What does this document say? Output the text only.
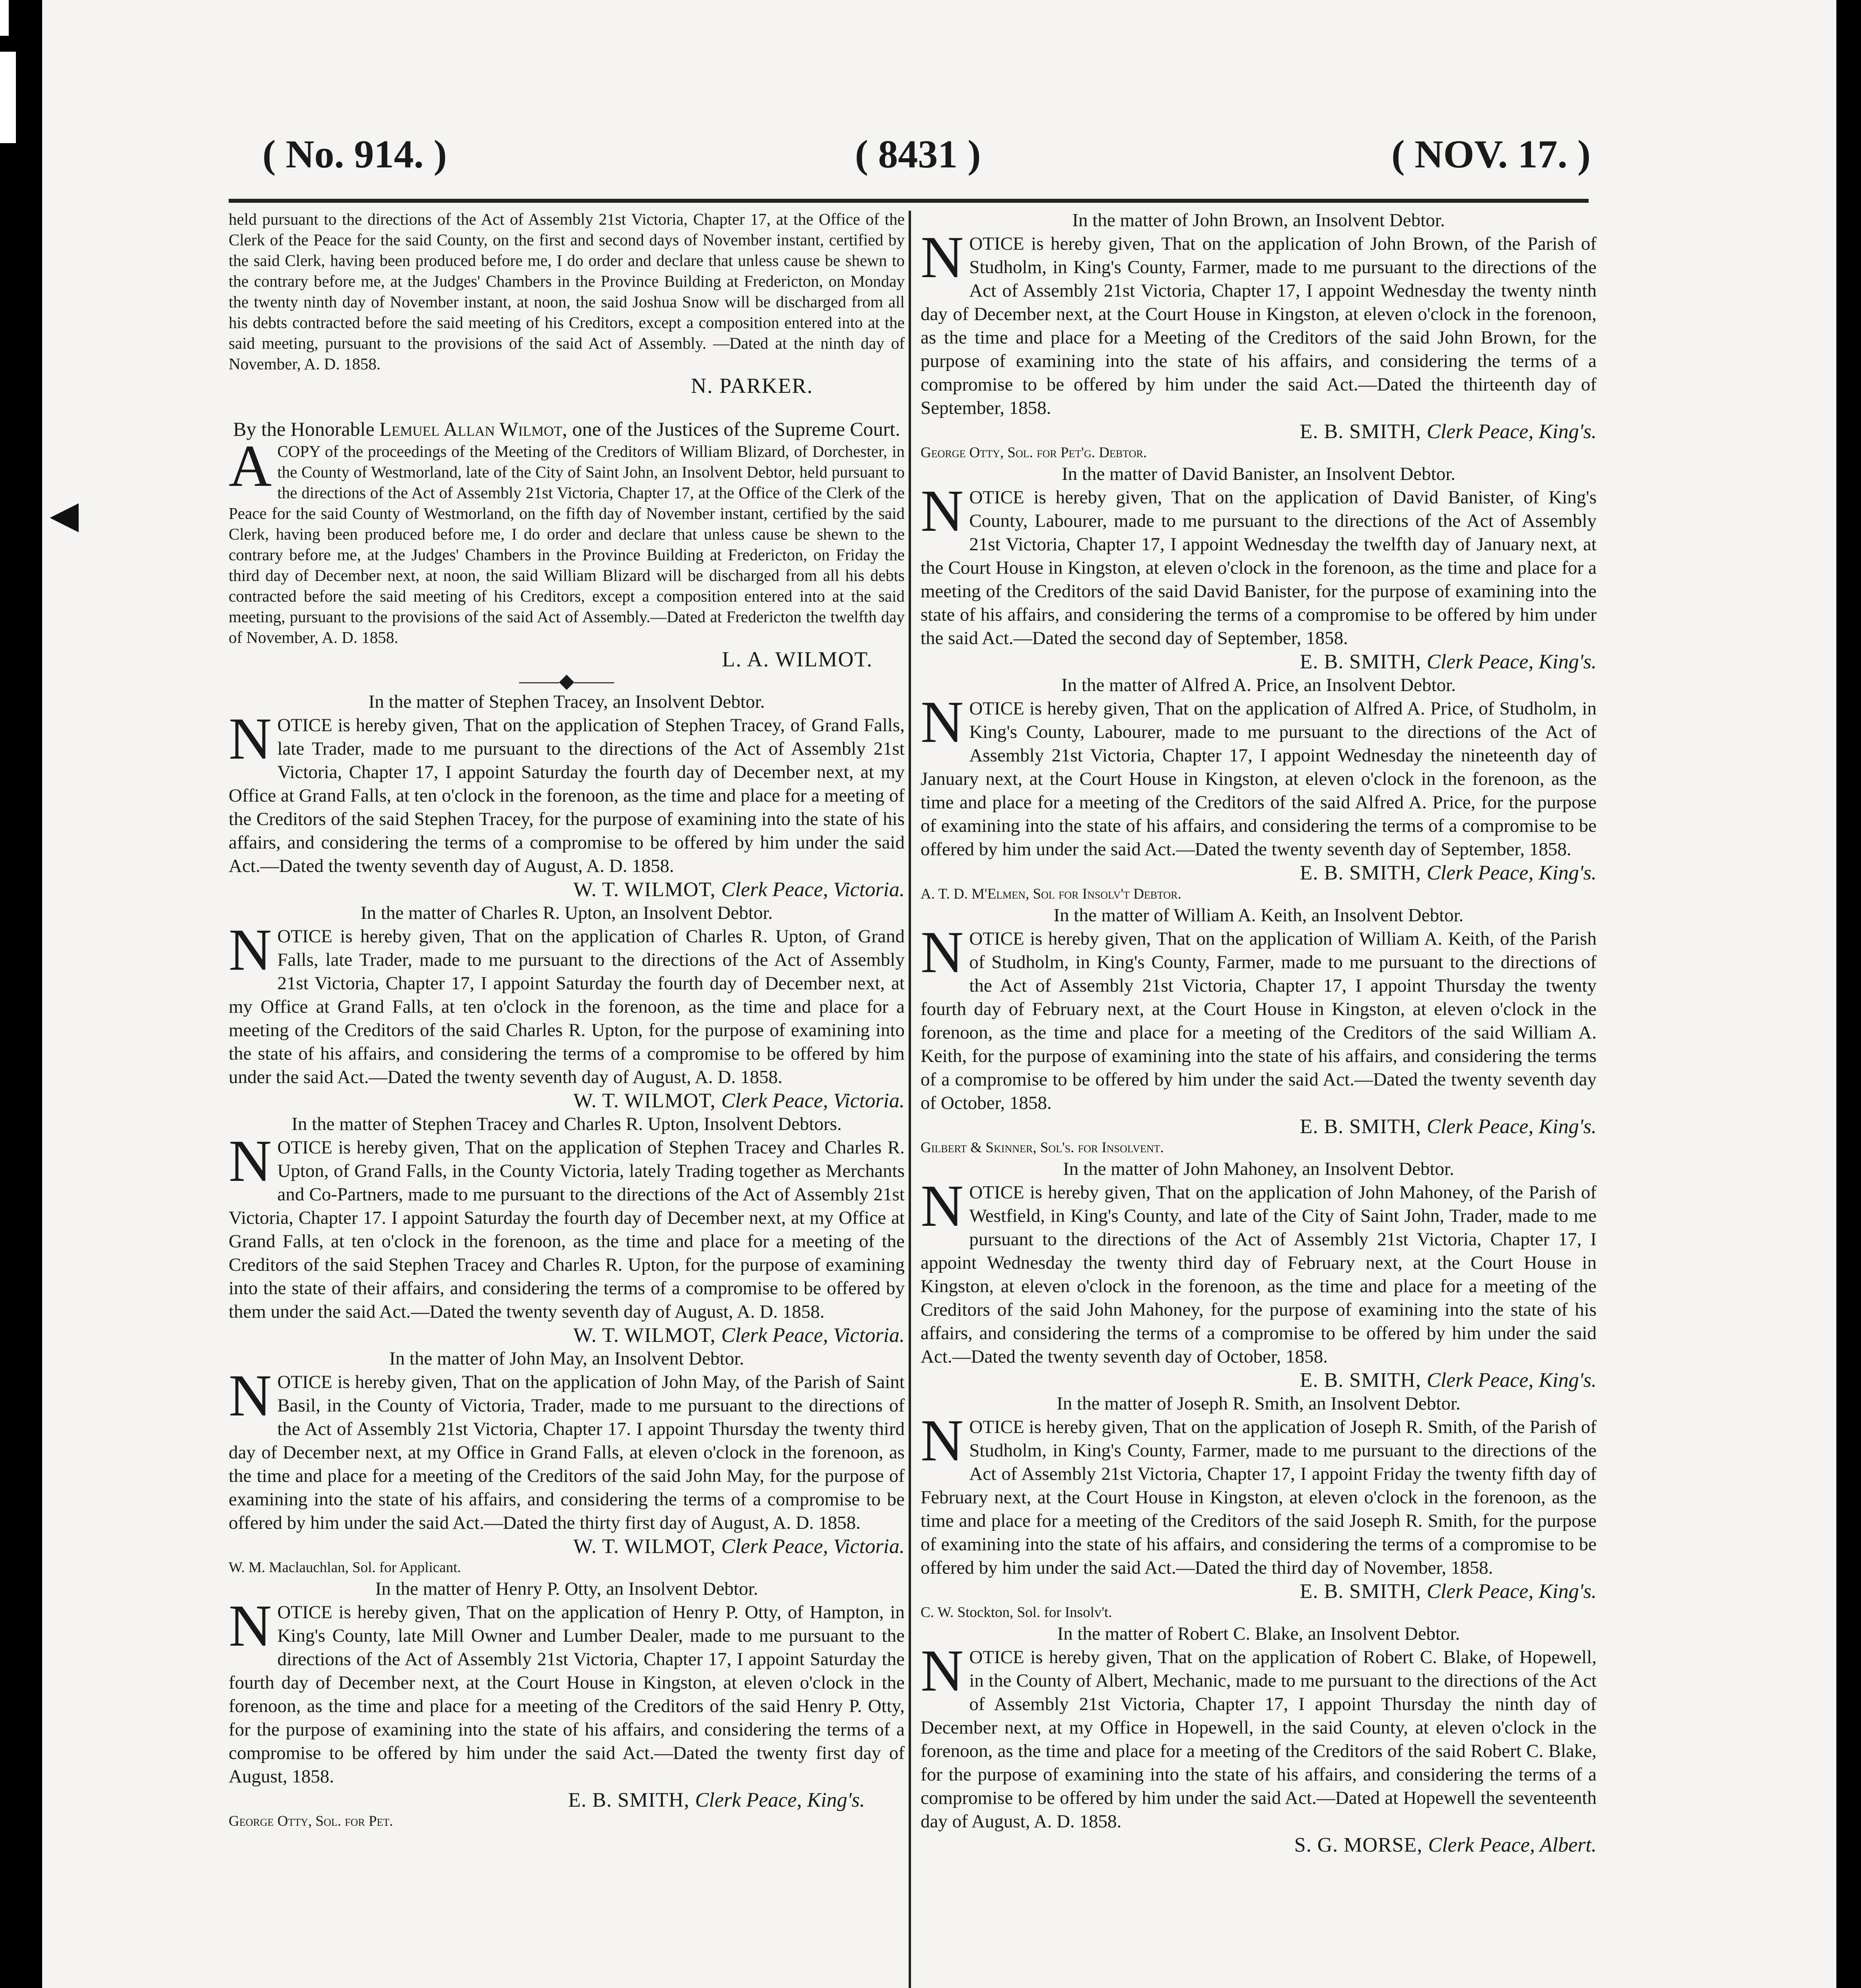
◀
( No. 914. )	( 8431 )	( NOV. 17. )

held pursuant to the directions of the Act of Assembly 21st Victoria, Chapter 17, at the Office of the Clerk of the Peace for the said County, on the first and second days of November instant, certified by the said Clerk, having been produced before me, I do order and declare that unless cause be shewn to the contrary before me, at the Judges' Chambers in the Province Building at Fredericton, on Monday the twenty ninth day of November instant, at noon, the said Joshua Snow will be discharged from all his debts contracted before the said meeting of his Creditors, except a composition entered into at the said meeting, pursuant to the provisions of the said Act of Assembly. —Dated at the ninth day of November, A. D. 1858.

N. PARKER.

By the Honorable Lemuel Allan Wilmot, one of the Justices of the Supreme Court.

A COPY of the proceedings of the Meeting of the Creditors of William Blizard, of Dorchester, in the County of Westmorland, late of the City of Saint John, an Insolvent Debtor, held pursuant to the directions of the Act of Assembly 21st Victoria, Chapter 17, at the Office of the Clerk of the Peace for the said County of Westmorland, on the fifth day of November instant, certified by the said Clerk, having been produced before me, I do order and declare that unless cause be shewn to the contrary before me, at the Judges' Chambers in the Province Building at Fredericton, on Friday the third day of December next, at noon, the said William Blizard will be discharged from all his debts contracted before the said meeting of his Creditors, except a composition entered into at the said meeting, pursuant to the provisions of the said Act of Assembly.—Dated at Fredericton the twelfth day of November, A. D. 1858.

L. A. WILMOT.

——◆——

In the matter of Stephen Tracey, an Insolvent Debtor.

NOTICE is hereby given, That on the application of Stephen Tracey, of Grand Falls, late Trader, made to me pursuant to the directions of the Act of Assembly 21st Victoria, Chapter 17, I appoint Saturday the fourth day of December next, at my Office at Grand Falls, at ten o'clock in the forenoon, as the time and place for a meeting of the Creditors of the said Stephen Tracey, for the purpose of examining into the state of his affairs, and considering the terms of a compromise to be offered by him under the said Act.—Dated the twenty seventh day of August, A. D. 1858.

W. T. WILMOT, Clerk Peace, Victoria.

In the matter of Charles R. Upton, an Insolvent Debtor.

NOTICE is hereby given, That on the application of Charles R. Upton, of Grand Falls, late Trader, made to me pursuant to the directions of the Act of Assembly 21st Victoria, Chapter 17, I appoint Saturday the fourth day of December next, at my Office at Grand Falls, at ten o'clock in the forenoon, as the time and place for a meeting of the Creditors of the said Charles R. Upton, for the purpose of examining into the state of his affairs, and considering the terms of a compromise to be offered by him under the said Act.—Dated the twenty seventh day of August, A. D. 1858.

W. T. WILMOT, Clerk Peace, Victoria.

In the matter of Stephen Tracey and Charles R. Upton, Insolvent Debtors.

NOTICE is hereby given, That on the application of Stephen Tracey and Charles R. Upton, of Grand Falls, in the County Victoria, lately Trading together as Merchants and Co-Partners, made to me pursuant to the directions of the Act of Assembly 21st Victoria, Chapter 17. I appoint Saturday the fourth day of December next, at my Office at Grand Falls, at ten o'clock in the forenoon, as the time and place for a meeting of the Creditors of the said Stephen Tracey and Charles R. Upton, for the purpose of examining into the state of their affairs, and considering the terms of a compromise to be offered by them under the said Act.—Dated the twenty seventh day of August, A. D. 1858.

W. T. WILMOT, Clerk Peace, Victoria.

In the matter of John May, an Insolvent Debtor.

NOTICE is hereby given, That on the application of John May, of the Parish of Saint Basil, in the County of Victoria, Trader, made to me pursuant to the directions of the Act of Assembly 21st Victoria, Chapter 17. I appoint Thursday the twenty third day of December next, at my Office in Grand Falls, at eleven o'clock in the forenoon, as the time and place for a meeting of the Creditors of the said John May, for the purpose of examining into the state of his affairs, and considering the terms of a compromise to be offered by him under the said Act.—Dated the thirty first day of August, A. D. 1858.

W. T. WILMOT, Clerk Peace, Victoria.

W. M. Maclauchlan, Sol. for Applicant.

In the matter of Henry P. Otty, an Insolvent Debtor.

NOTICE is hereby given, That on the application of Henry P. Otty, of Hampton, in King's County, late Mill Owner and Lumber Dealer, made to me pursuant to the directions of the Act of Assembly 21st Victoria, Chapter 17, I appoint Saturday the fourth day of December next, at the Court House in Kingston, at eleven o'clock in the forenoon, as the time and place for a meeting of the Creditors of the said Henry P. Otty, for the purpose of examining into the state of his affairs, and considering the terms of a compromise to be offered by him under the said Act.—Dated the twenty first day of August, 1858.

E. B. SMITH, Clerk Peace, King's.

George Otty, Sol. for Pet.

In the matter of John Brown, an Insolvent Debtor.

NOTICE is hereby given, That on the application of John Brown, of the Parish of Studholm, in King's County, Farmer, made to me pursuant to the directions of the Act of Assembly 21st Victoria, Chapter 17, I appoint Wednesday the twenty ninth day of December next, at the Court House in Kingston, at eleven o'clock in the forenoon, as the time and place for a Meeting of the Creditors of the said John Brown, for the purpose of examining into the state of his affairs, and considering the terms of a compromise to be offered by him under the said Act.—Dated the thirteenth day of September, 1858.

E. B. SMITH, Clerk Peace, King's.

George Otty, Sol. for Pet'g. Debtor.

In the matter of David Banister, an Insolvent Debtor.

NOTICE is hereby given, That on the application of David Banister, of King's County, Labourer, made to me pursuant to the directions of the Act of Assembly 21st Victoria, Chapter 17, I appoint Wednesday the twelfth day of January next, at the Court House in Kingston, at eleven o'clock in the forenoon, as the time and place for a meeting of the Creditors of the said David Banister, for the purpose of examining into the state of his affairs, and considering the terms of a compromise to be offered by him under the said Act.—Dated the second day of September, 1858.

E. B. SMITH, Clerk Peace, King's.

In the matter of Alfred A. Price, an Insolvent Debtor.

NOTICE is hereby given, That on the application of Alfred A. Price, of Studholm, in King's County, Labourer, made to me pursuant to the directions of the Act of Assembly 21st Victoria, Chapter 17, I appoint Wednesday the nineteenth day of January next, at the Court House in Kingston, at eleven o'clock in the forenoon, as the time and place for a meeting of the Creditors of the said Alfred A. Price, for the purpose of examining into the state of his affairs, and considering the terms of a compromise to be offered by him under the said Act.—Dated the twenty seventh day of September, 1858.

E. B. SMITH, Clerk Peace, King's.

A. T. D. M'Elmen, Sol for Insolv't Debtor.

In the matter of William A. Keith, an Insolvent Debtor.

NOTICE is hereby given, That on the application of William A. Keith, of the Parish of Studholm, in King's County, Farmer, made to me pursuant to the directions of the Act of Assembly 21st Victoria, Chapter 17, I appoint Thursday the twenty fourth day of February next, at the Court House in Kingston, at eleven o'clock in the forenoon, as the time and place for a meeting of the Creditors of the said William A. Keith, for the purpose of examining into the state of his affairs, and considering the terms of a compromise to be offered by him under the said Act.—Dated the twenty seventh day of October, 1858.

E. B. SMITH, Clerk Peace, King's.

Gilbert & Skinner, Sol's. for Insolvent.

In the matter of John Mahoney, an Insolvent Debtor.

NOTICE is hereby given, That on the application of John Mahoney, of the Parish of Westfield, in King's County, and late of the City of Saint John, Trader, made to me pursuant to the directions of the Act of Assembly 21st Victoria, Chapter 17, I appoint Wednesday the twenty third day of February next, at the Court House in Kingston, at eleven o'clock in the forenoon, as the time and place for a meeting of the Creditors of the said John Mahoney, for the purpose of examining into the state of his affairs, and considering the terms of a compromise to be offered by him under the said Act.—Dated the twenty seventh day of October, 1858.

E. B. SMITH, Clerk Peace, King's.

In the matter of Joseph R. Smith, an Insolvent Debtor.

NOTICE is hereby given, That on the application of Joseph R. Smith, of the Parish of Studholm, in King's County, Farmer, made to me pursuant to the directions of the Act of Assembly 21st Victoria, Chapter 17, I appoint Friday the twenty fifth day of February next, at the Court House in Kingston, at eleven o'clock in the forenoon, as the time and place for a meeting of the Creditors of the said Joseph R. Smith, for the purpose of examining into the state of his affairs, and considering the terms of a compromise to be offered by him under the said Act.—Dated the third day of November, 1858.

E. B. SMITH, Clerk Peace, King's.

C. W. Stockton, Sol. for Insolv't.

In the matter of Robert C. Blake, an Insolvent Debtor.

NOTICE is hereby given, That on the application of Robert C. Blake, of Hopewell, in the County of Albert, Mechanic, made to me pursuant to the directions of the Act of Assembly 21st Victoria, Chapter 17, I appoint Thursday the ninth day of December next, at my Office in Hopewell, in the said County, at eleven o'clock in the forenoon, as the time and place for a meeting of the Creditors of the said Robert C. Blake, for the purpose of examining into the state of his affairs, and considering the terms of a compromise to be offered by him under the said Act.—Dated at Hopewell the seventeenth day of August, A. D. 1858.

S. G. MORSE, Clerk Peace, Albert.
